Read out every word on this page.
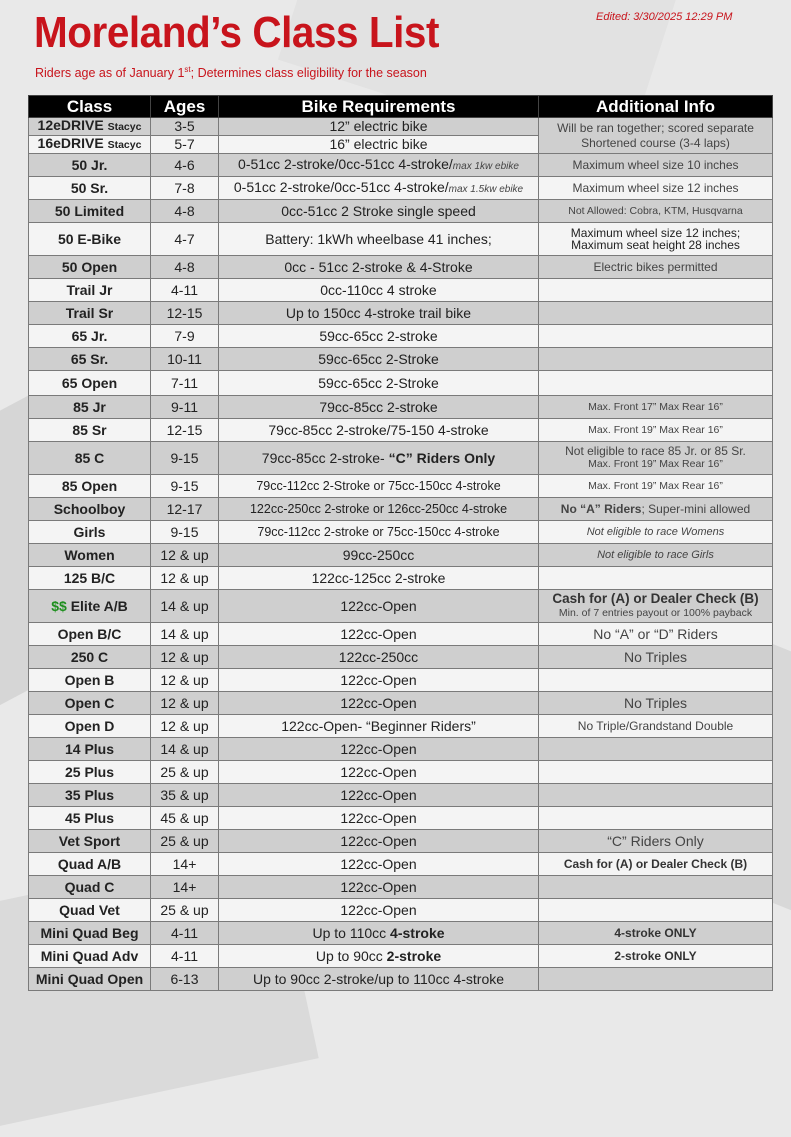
Moreland’s Class List
Riders age as of January 1st; Determines class eligibility for the season
Edited: 3/30/2025 12:29 PM
Class	Ages	Bike Requirements	Additional Info
12eDRIVE Stacyc	3-5	12” electric bike	Will be ran together; scored separate
Shortened course (3-4 laps)

16eDRIVE Stacyc	5-7	16” electric bike	
50 Jr.	4-6	0-51cc 2-stroke/0cc-51cc 4-stroke/max 1kw ebike	Maximum wheel size 10 inches
50 Sr.	7-8	0-51cc 2-stroke/0cc-51cc 4-stroke/max 1.5kw ebike	Maximum wheel size 12 inches
50 Limited	4-8	0cc-51cc 2 Stroke single speed	Not Allowed: Cobra, KTM, Husqvarna
50 E-Bike	4-7	Battery: 1kWh wheelbase 41 inches;	Maximum wheel size 12 inches;
Maximum seat height 28 inches

50 Open	4-8	0cc - 51cc 2-stroke & 4-Stroke	Electric bikes permitted
Trail Jr	4-11	0cc-110cc 4 stroke	
Trail Sr	12-15	Up to 150cc 4-stroke trail bike	
65 Jr.	7-9	59cc-65cc 2-stroke	
65 Sr.	10-11	59cc-65cc 2-Stroke	
65 Open	7-11	59cc-65cc 2-Stroke	
85 Jr	9-11	79cc-85cc 2-stroke	Max. Front 17” Max Rear 16”
85 Sr	12-15	79cc-85cc 2-stroke/75-150 4-stroke	Max. Front 19” Max Rear 16”
85 C	9-15	79cc-85cc 2-stroke- “C” Riders Only	Not eligible to race 85 Jr. or 85 Sr.
Max. Front 19” Max Rear 16”

85 Open	9-15	79cc-112cc 2-Stroke or 75cc-150cc 4-stroke	Max. Front 19” Max Rear 16”
Schoolboy	12-17	122cc-250cc 2-stroke or 126cc-250cc 4-stroke	No “A” Riders; Super-mini allowed
Girls	9-15	79cc-112cc 2-stroke or 75cc-150cc 4-stroke	Not eligible to race Womens
Women	12 & up	99cc-250cc	Not eligible to race Girls
125 B/C	12 & up	122cc-125cc 2-stroke	
$$ Elite A/B	14 & up	122cc-Open	Cash for (A) or Dealer Check (B)
Min. of 7 entries payout or 100% payback

Open B/C	14 & up	122cc-Open	No “A” or “D” Riders
250 C	12 & up	122cc-250cc	No Triples
Open B	12 & up	122cc-Open	
Open C	12 & up	122cc-Open	No Triples
Open D	12 & up	122cc-Open- “Beginner Riders”	No Triple/Grandstand Double
14 Plus	14 & up	122cc-Open	
25 Plus	25 & up	122cc-Open	
35 Plus	35 & up	122cc-Open	
45 Plus	45 & up	122cc-Open	
Vet Sport	25 & up	122cc-Open	“C” Riders Only
Quad A/B	14+	122cc-Open	Cash for (A) or Dealer Check (B)
Quad C	14+	122cc-Open	
Quad Vet	25 & up	122cc-Open	
Mini Quad Beg	4-11	Up to 110cc 4-stroke	4-stroke ONLY
Mini Quad Adv	4-11	Up to 90cc 2-stroke	2-stroke ONLY
Mini Quad Open	6-13	Up to 90cc 2-stroke/up to 110cc 4-stroke	
